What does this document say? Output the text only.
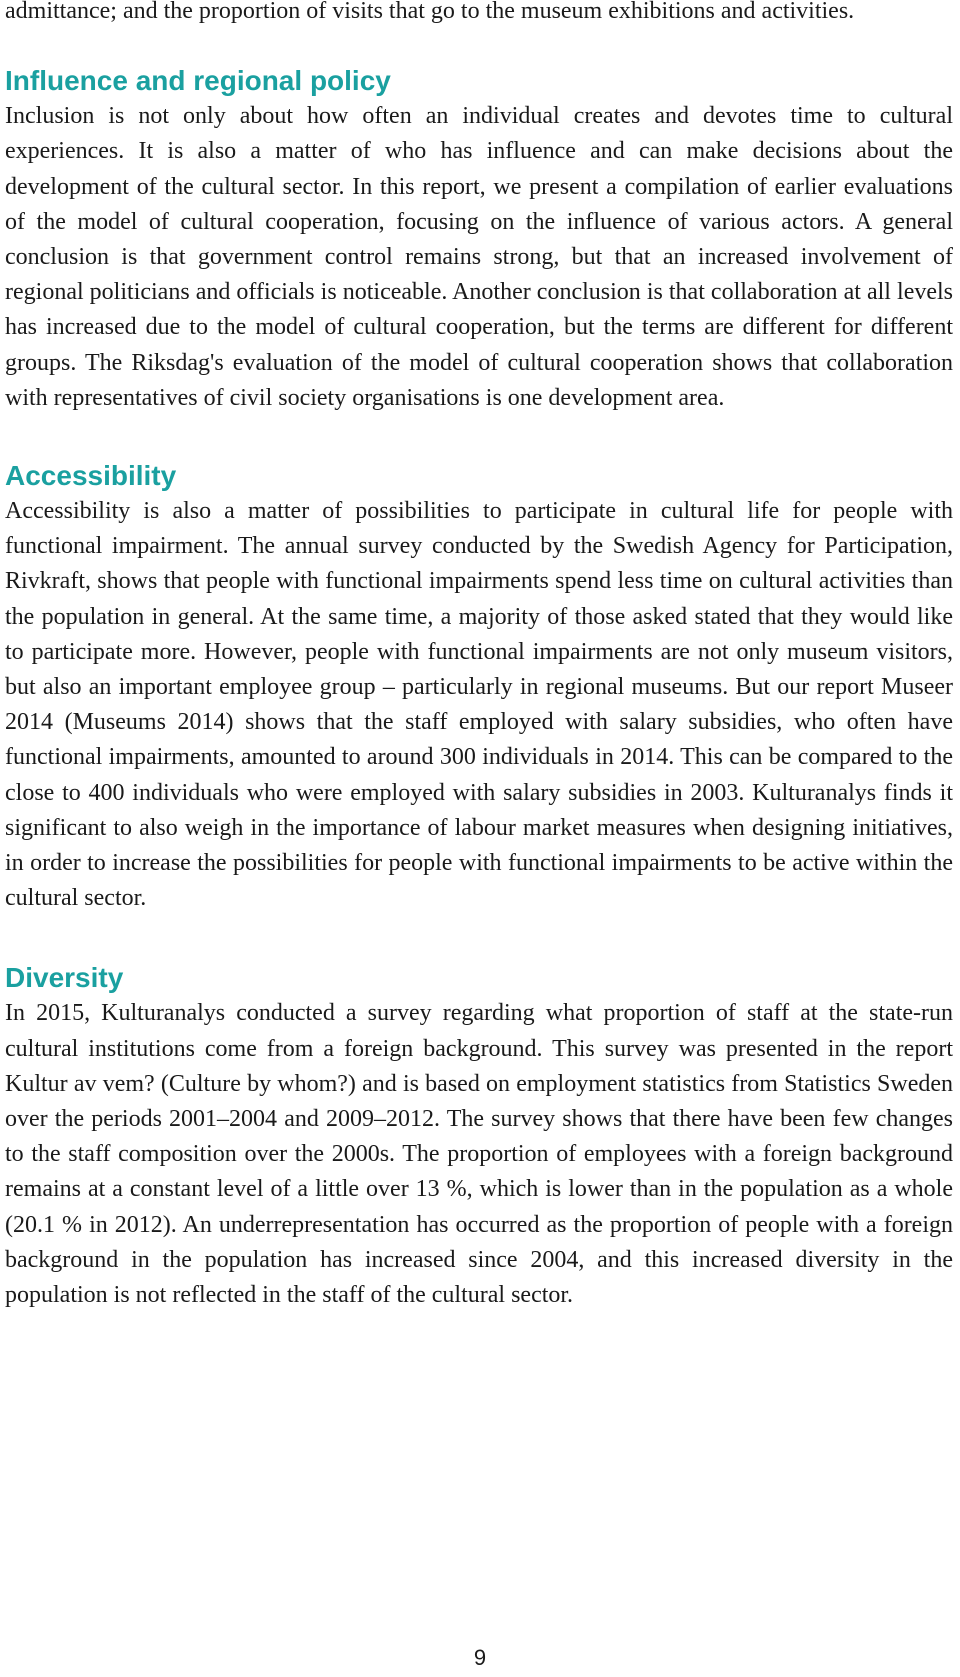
admittance; and the proportion of visits that go to the museum exhibitions and activities.

Influence and regional policy

Inclusion is not only about how often an individual creates and devotes time to cultural experiences. It is also a matter of who has influence and can make decisions about the development of the cultural sector. In this report, we present a compilation of earlier evaluations of the model of cultural cooperation, focusing on the influence of various actors. A general conclusion is that government control remains strong, but that an increased involvement of regional politicians and officials is noticeable. Another conclusion is that collaboration at all levels has increased due to the model of cultural cooperation, but the terms are different for different groups. The Riksdag's evaluation of the model of cultural cooperation shows that collaboration with representatives of civil society organisations is one development area.

Accessibility

Accessibility is also a matter of possibilities to participate in cultural life for people with functional impairment. The annual survey conducted by the Swedish Agency for Participation, Rivkraft, shows that people with functional impairments spend less time on cultural activities than the population in general. At the same time, a majority of those asked stated that they would like to participate more. However, people with functional impairments are not only museum visitors, but also an important employee group – particularly in regional museums. But our report Museer 2014 (Museums 2014) shows that the staff employed with salary subsidies, who often have functional impairments, amounted to around 300 individuals in 2014. This can be compared to the close to 400 individuals who were employed with salary subsidies in 2003. Kulturanalys finds it significant to also weigh in the importance of labour market measures when designing initiatives, in order to increase the possibilities for people with functional impairments to be active within the cultural sector.

Diversity

In 2015, Kulturanalys conducted a survey regarding what proportion of staff at the state-run cultural institutions come from a foreign background. This survey was presented in the report Kultur av vem? (Culture by whom?) and is based on employment statistics from Statistics Sweden over the periods 2001–2004 and 2009–2012. The survey shows that there have been few changes to the staff composition over the 2000s. The proportion of employees with a foreign background remains at a constant level of a little over 13 %, which is lower than in the population as a whole (20.1 % in 2012). An underrepresentation has occurred as the proportion of people with a foreign background in the population has increased since 2004, and this increased diversity in the population is not reflected in the staff of the cultural sector.

9
